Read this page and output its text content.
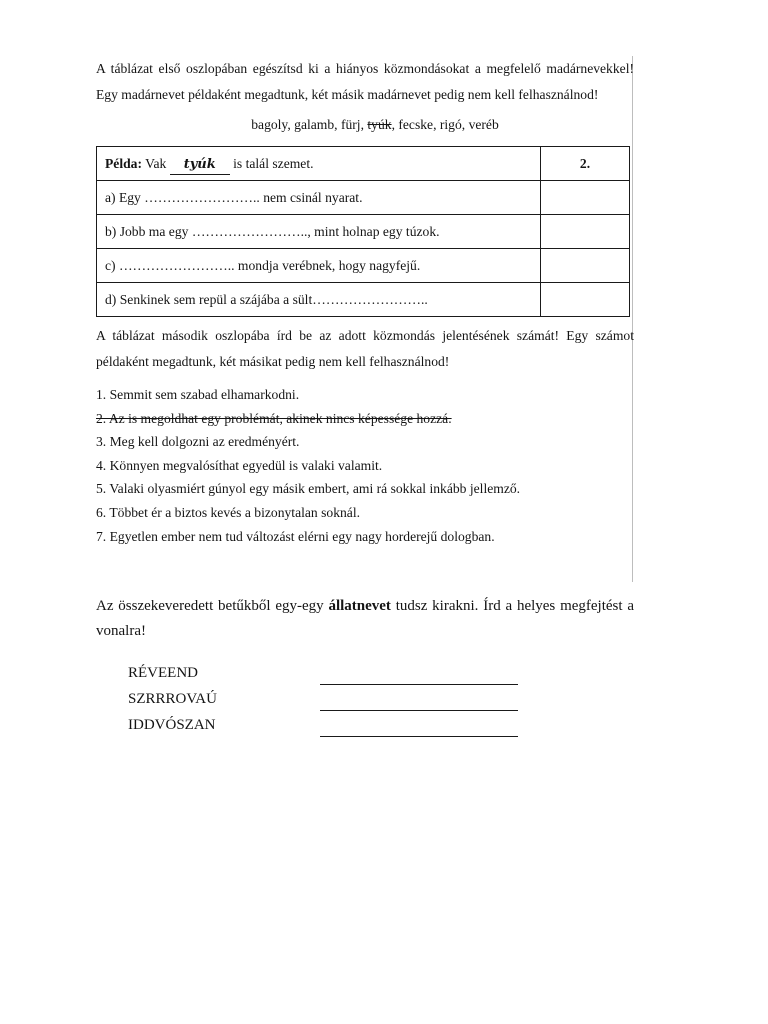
A táblázat első oszlopában egészítsd ki a hiányos közmondásokat a megfelelő madárnevekkel! Egy madárnevet példaként megadtunk, két másik madárnevet pedig nem kell felhasználnod!

bagoly, galamb, fürj, tyúk, fecske, rigó, veréb
Példa: Vak tyúk is talál szemet.	2.
a) Egy …………………….. nem csinál nyarat.	
b) Jobb ma egy …………………….., mint holnap egy túzok.	
c) …………………….. mondja verébnek, hogy nagyfejű.	
d) Senkinek sem repül a szájába a sült……………………..	

A táblázat második oszlopába írd be az adott közmondás jelentésének számát! Egy számot példaként megadtunk, két másikat pedig nem kell felhasználnod!

1. Semmit sem szabad elhamarkodni.
2. Az is megoldhat egy problémát, akinek nincs képessége hozzá.
3. Meg kell dolgozni az eredményért.
4. Könnyen megvalósíthat egyedül is valaki valamit.
5. Valaki olyasmiért gúnyol egy másik embert, ami rá sokkal inkább jellemző.
6. Többet ér a biztos kevés a bizonytalan soknál.
7. Egyetlen ember nem tud változást elérni egy nagy horderejű dologban.

Az összekeveredett betűkből egy-egy állatnevet tudsz kirakni. Írd a helyes megfejtést a vonalra!

RÉVEEND
SZRRROVAÚ
IDDVÓSZAN
